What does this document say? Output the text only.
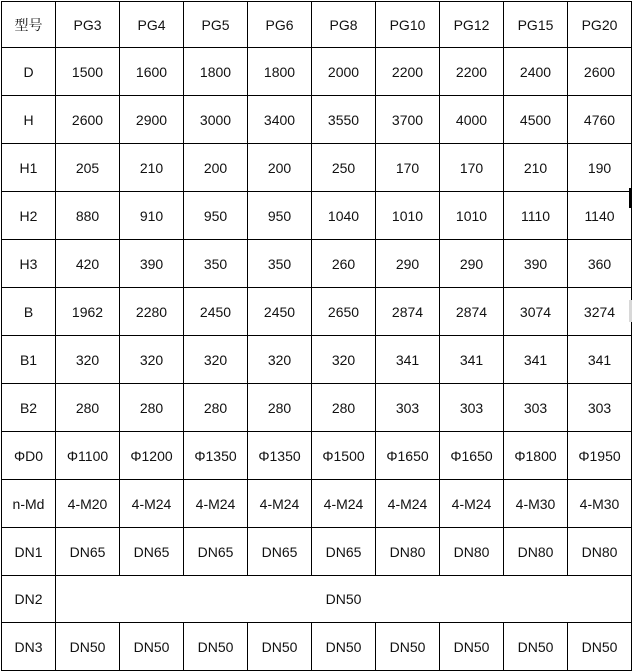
型号	PG3	PG4	PG5	PG6	PG8	PG10	PG12	PG15	PG20
D	1500	1600	1800	1800	2000	2200	2200	2400	2600
H	2600	2900	3000	3400	3550	3700	4000	4500	4760
H1	205	210	200	200	250	170	170	210	190
H2	880	910	950	950	1040	1010	1010	1110	1140
H3	420	390	350	350	260	290	290	390	360
B	1962	2280	2450	2450	2650	2874	2874	3074	3274
B1	320	320	320	320	320	341	341	341	341
B2	280	280	280	280	280	303	303	303	303
ΦD0	Φ1100	Φ1200	Φ1350	Φ1350	Φ1500	Φ1650	Φ1650	Φ1800	Φ1950
n-Md	4-M20	4-M24	4-M24	4-M24	4-M24	4-M24	4-M24	4-M30	4-M30
DN1	DN65	DN65	DN65	DN65	DN65	DN80	DN80	DN80	DN80
DN2	DN50								
DN3	DN50	DN50	DN50	DN50	DN50	DN50	DN50	DN50	DN50
